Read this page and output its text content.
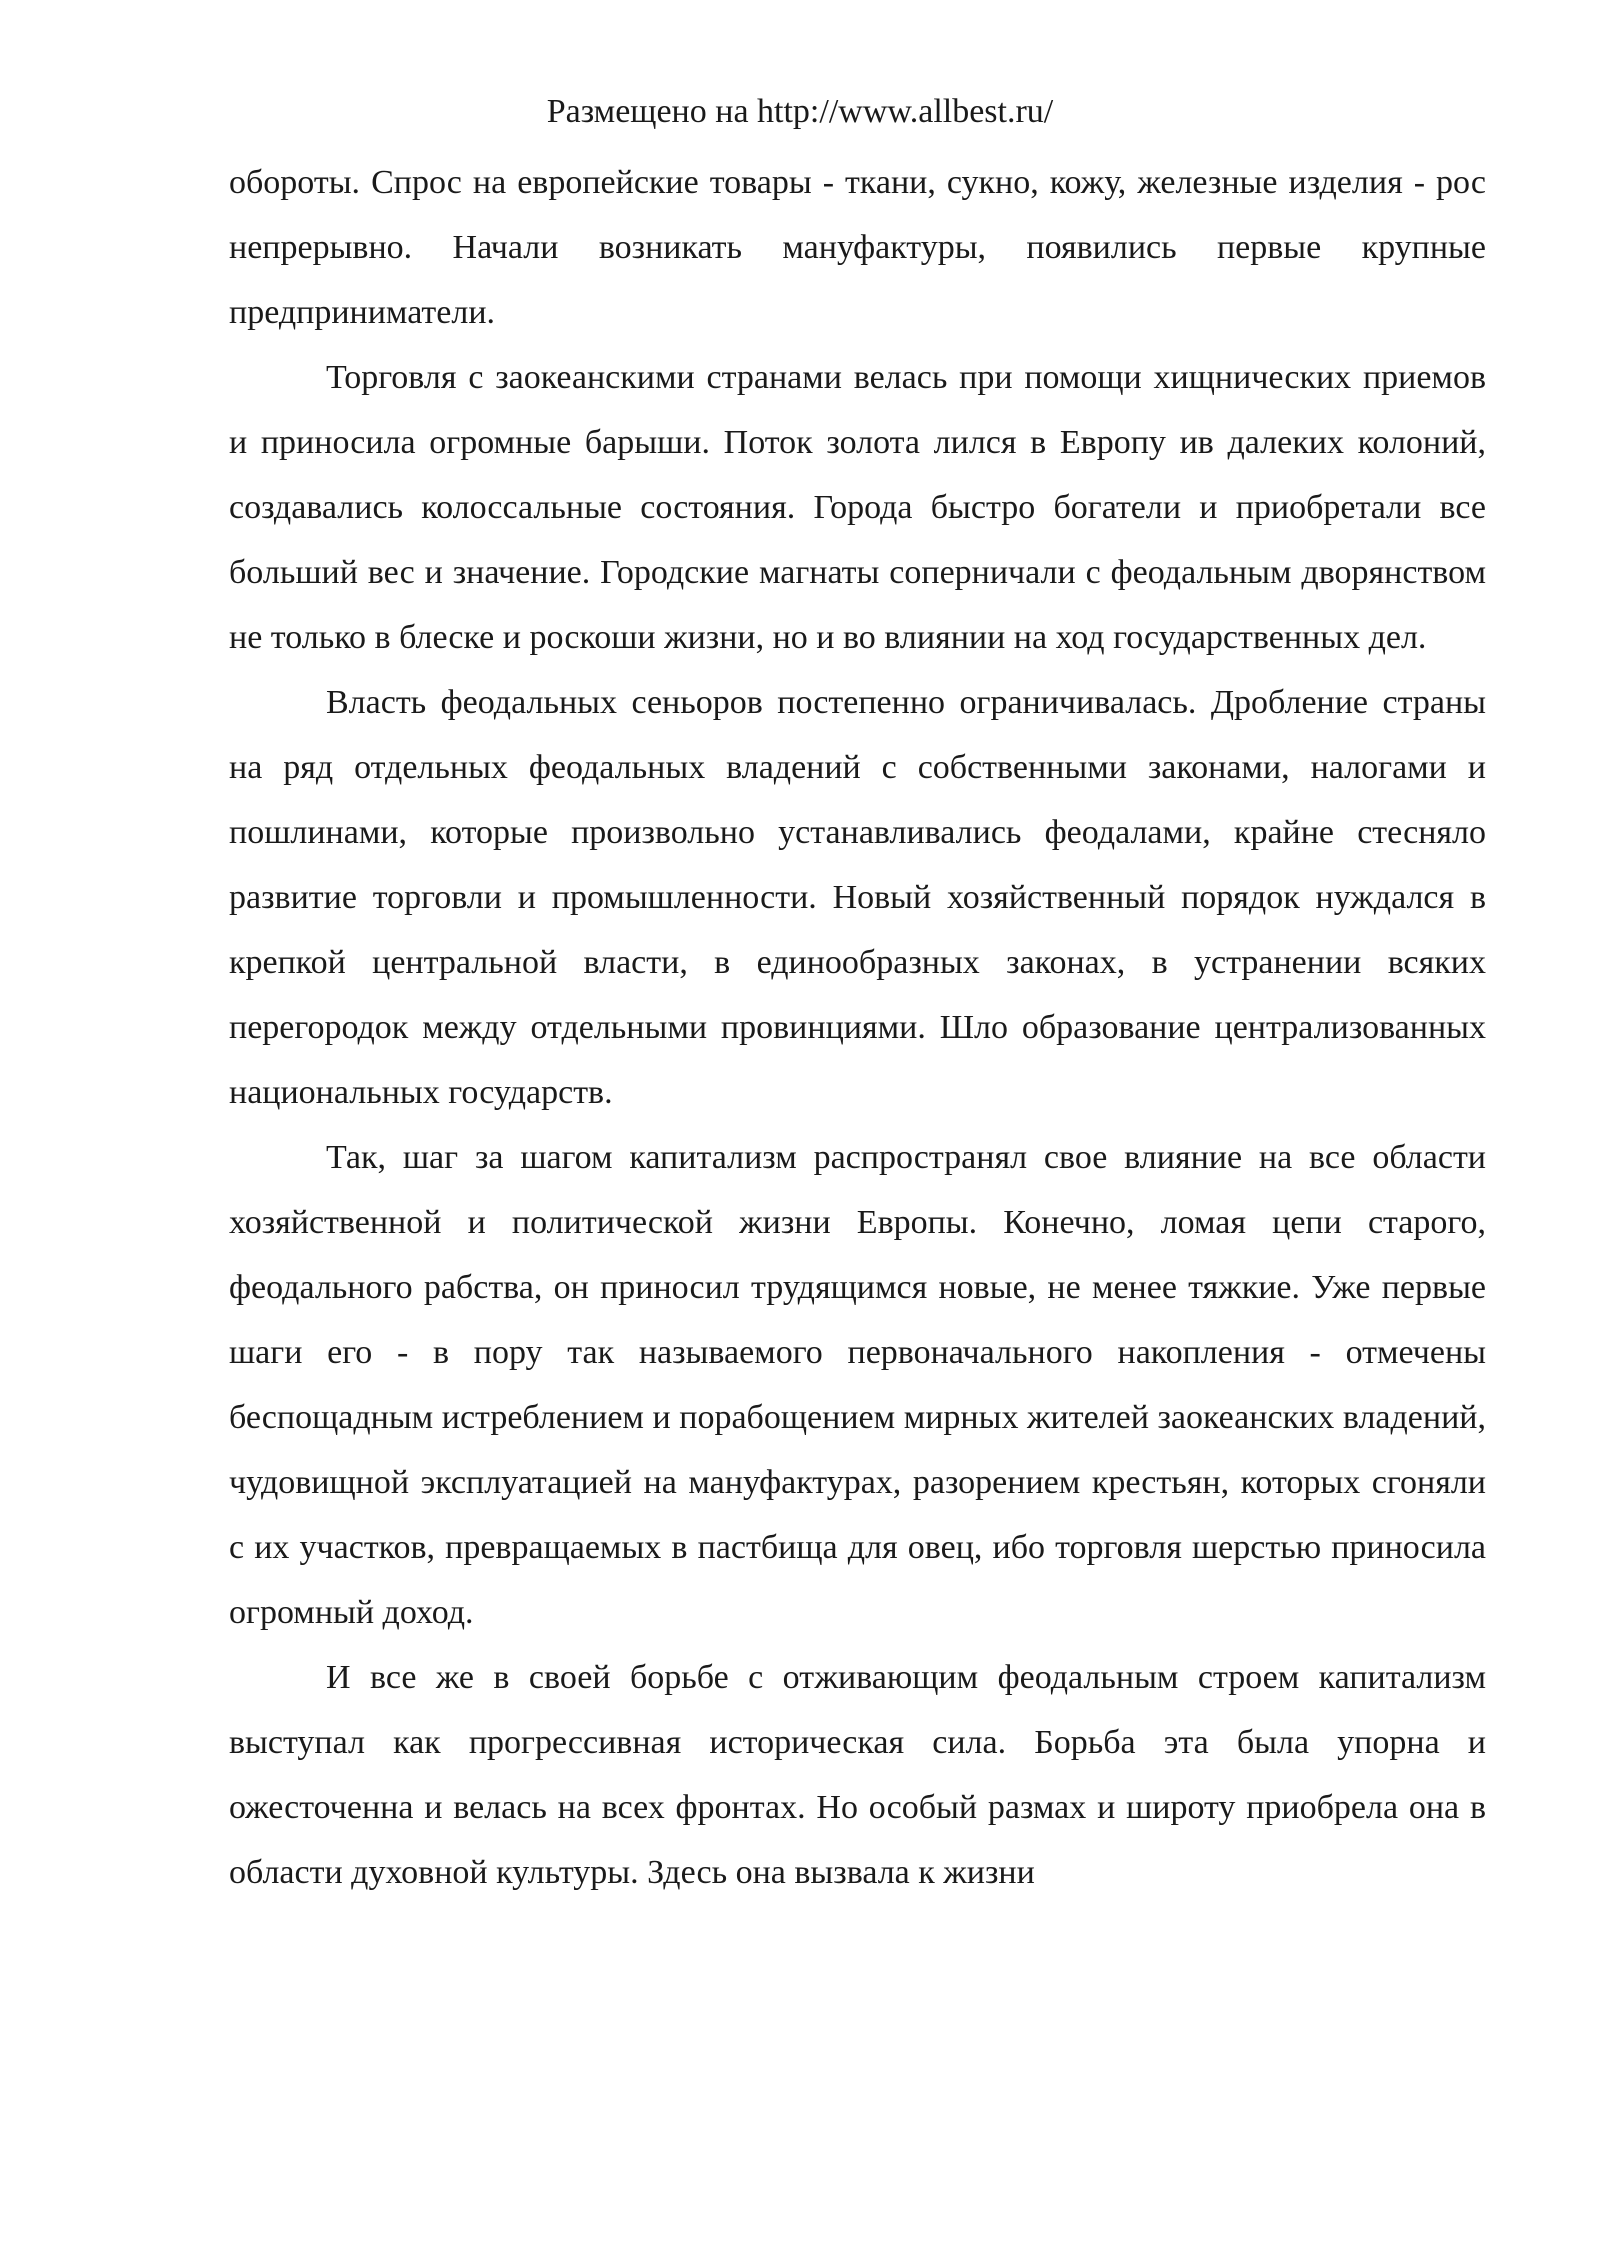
Размещено на http://www.allbest.ru/

обороты. Спрос на европейские товары - ткани, сукно, кожу, железные изделия - рос непрерывно. Начали возникать мануфактуры, появились первые крупные предприниматели.

Торговля с заокеанскими странами велась при помощи хищнических приемов и приносила огромные барыши. Поток золота лился в Европу ив далеких колоний, создавались колоссальные состояния. Города быстро богатели и приобретали все больший вес и значение. Городские магнаты соперничали с феодальным дворянством не только в блеске и роскоши жизни, но и во влиянии на ход государственных дел.

Власть феодальных сеньоров постепенно ограничивалась. Дробление страны на ряд отдельных феодальных владений с собственными законами, налогами и пошлинами, которые произвольно устанавливались феодалами, крайне стесняло развитие торговли и промышленности. Новый хозяйственный порядок нуждался в крепкой центральной власти, в единообразных законах, в устранении всяких перегородок между отдельными провинциями. Шло образование централизованных национальных государств.

Так, шаг за шагом капитализм распространял свое влияние на все области хозяйственной и политической жизни Европы. Конечно, ломая цепи старого, феодального рабства, он приносил трудящимся новые, не менее тяжкие. Уже первые шаги его - в пору так называемого первоначального накопления - отмечены беспощадным истреблением и порабощением мирных жителей заокеанских владений, чудовищной эксплуатацией на мануфактурах, разорением крестьян, которых сгоняли с их участков, превращаемых в пастбища для овец, ибо торговля шерстью приносила огромный доход.

И все же в своей борьбе с отживающим феодальным строем капитализм выступал как прогрессивная историческая сила. Борьба эта была упорна и ожесточенна и велась на всех фронтах. Но особый размах и широту приобрела она в области духовной культуры. Здесь она вызвала к жизни
